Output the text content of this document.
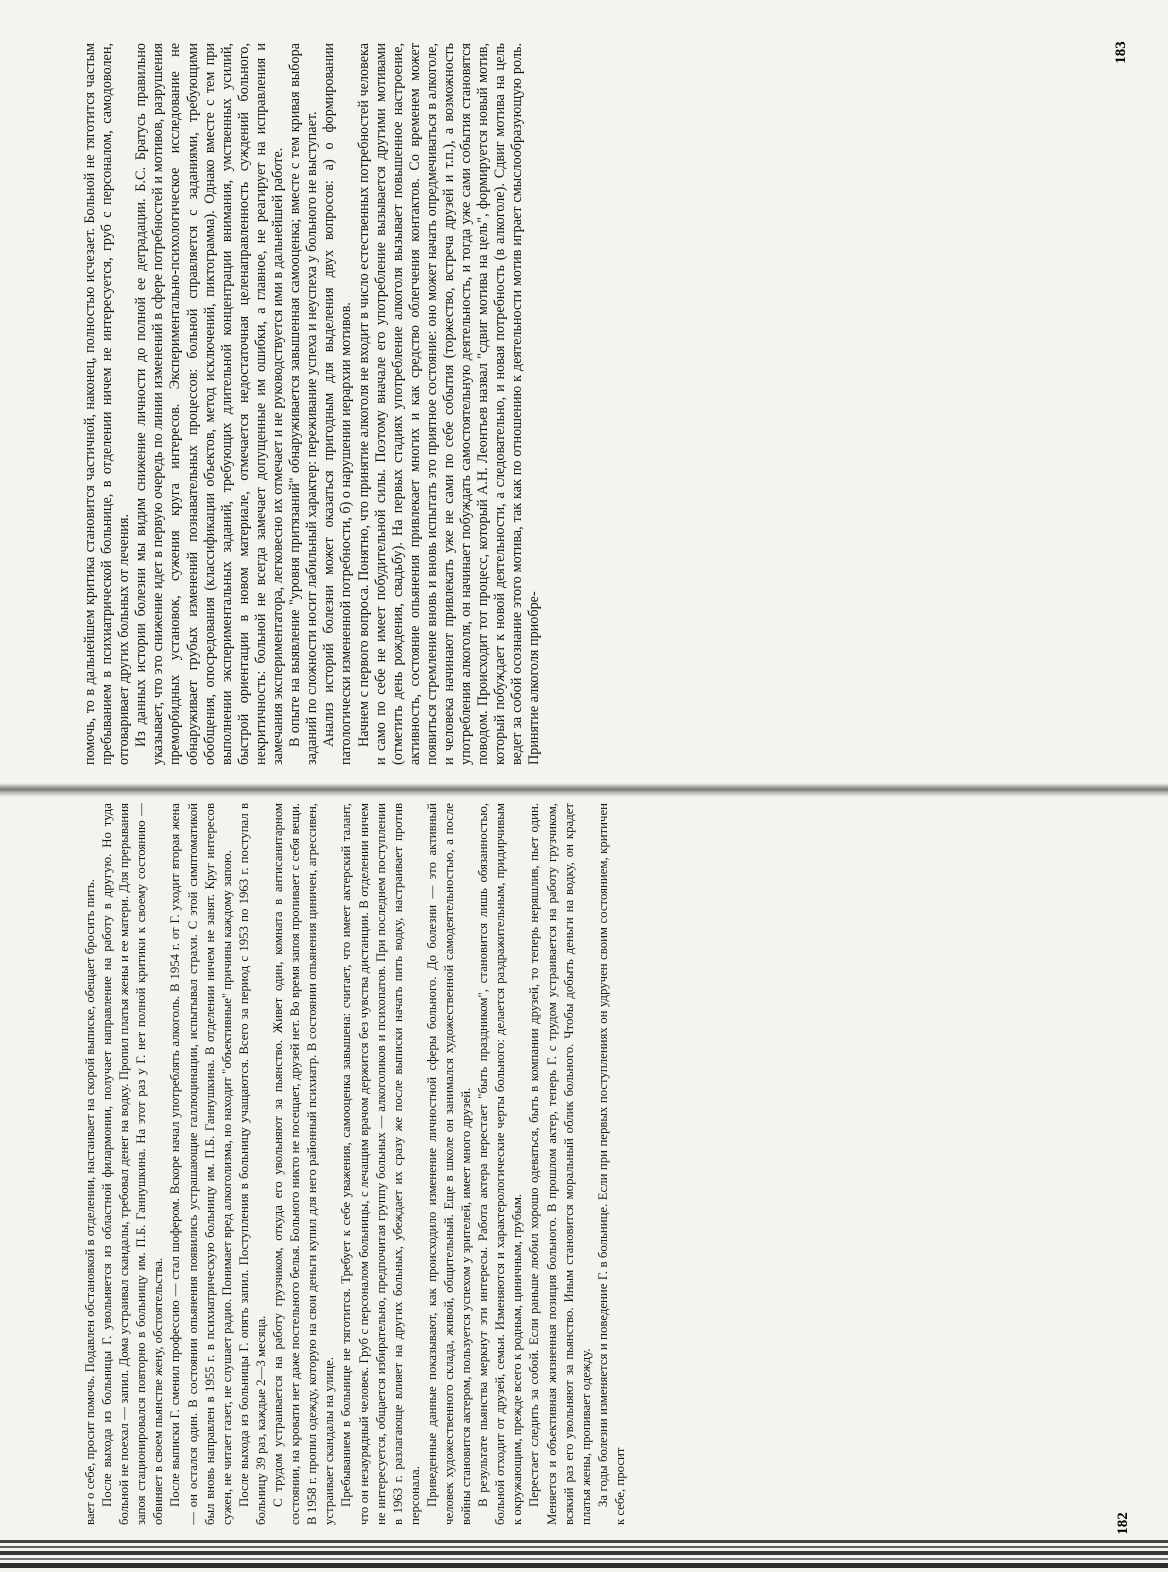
помочь, то в дальнейшем критика становится частичной, наконец, полностью исчезает. Больной не тяготится частым пребыванием в психиатрической больнице, в отделении ничем не интересуется, груб с персоналом, самодоволен, отговаривает других больных от лечения. Из данных истории болезни мы видим снижение личности до полной ее деградации. Б.С. Братусь правильно указывает, что это снижение идет в первую очередь по линии изменений в сфере потребностей и мотивов, разрушения преморбидных установок, сужения круга интересов. Экспериментально-психологическое исследование не обнаруживает грубых изменений познавательных процессов: больной справляется с заданиями, требующими обобщения, опосредования (классификации объектов, метод исключений, пиктограмма). Однако вместе с тем при выполнении экспериментальных заданий, требующих длительной концентрации внимания, умственных усилий, быстрой ориентации в новом материале, отмечается недостаточная целенаправленность суждений больного, некритичность: больной не всегда замечает допущенные им ошибки, а главное, не реагирует на исправления и замечания экспериментатора, легковесно их отмечает и не руководствуется ими в дальнейшей работе. В опыте на выявление "уровня притязаний" обнаруживается завышенная самооценка; вместе с тем кривая выбора заданий по сложности носит лабильный характер: переживание успеха и неуспеха у больного не выступает. Анализ историй болезни может оказаться пригодным для выделения двух вопросов: а) о формировании патологически измененной потребности, б) о нарушении иерархии мотивов. Начнем с первого вопроса. Понятно, что принятие алкоголя не входит в число естественных потребностей человека и само по себе не имеет побудительной силы. Поэтому вначале его употребление вызывается другими мотивами (отметить день рождения, свадьбу). На первых стадиях употребление алкоголя вызывает повышенное настроение, активность, состояние опьянения привлекает многих и как средство облегчения контактов. Со временем может появиться стремление вновь и вновь испытать это приятное состояние: оно может начать опредмечиваться в алкоголе, и человека начинают привлекать уже не сами по себе события (торжество, встреча друзей и т.п.), а возможность употребления алкоголя, он начинает побуждать самостоятельную деятельность, и тогда уже сами события становятся поводом. Происходит тот процесс, который А.Н. Леонтьев назвал "сдвиг мотива на цель", формируется новый мотив, который побуждает к новой деятельности, а следовательно, и новая потребность (в алкоголе). Сдвиг мотива на цель ведет за собой осознание этого мотива, так как по отношению к деятельности мотив играет смыслообразующую роль. Принятие алкоголя приобре-

вает о себе, просит помочь. Подавлен обстановкой в отделении, настаивает на скорой выписке, обещает бросить пить. После выхода из больницы Г. увольняется из областной филармонии, получает направление на работу в другую. Но туда больной не поехал — запил. Дома устраивал скандалы, требовал денег на водку. Пропил платья жены и ее матери. Для прерывания запоя стационировался повторно в больницу им. П.Б. Ганнушкина. На этот раз у Г. нет полной критики к своему состоянию — обвиняет в своем пьянстве жену, обстоятельства. После выписки Г. сменил профессию — стал шофером. Вскоре начал употреблять алкоголь. В 1954 г. от Г. уходит вторая жена — он остался один. В состоянии опьянения появились устрашающие галлюцинации, испытывал страхи. С этой симптоматикой был вновь направлен в 1955 г. в психиатрическую больницу им. П.Б. Ганнушкина. В отделении ничем не занят. Круг интересов сужен, не читает газет, не слушает радио. Понимает вред алкоголизма, но находит "объективные" причины каждому запою. После выхода из больницы Г. опять запил. Поступления в больницу учащаются. Всего за период с 1953 по 1963 г. поступал в больницу 39 раз, каждые 2—3 месяца. С трудом устраивается на работу грузчиком, откуда его увольняют за пьянство. Живет один, комната в антисанитарном состоянии, на кровати нет даже постельного белья. Больного никто не посещает, друзей нет. Во время запоя пропивает с себя вещи. В 1958 г. пропил одежду, которую на свои деньги купил для него районный психиатр. В состоянии опьянения циничен, агрессивен, устраивает скандалы на улице. Пребыванием в больнице не тяготится. Требует к себе уважения, самооценка завышена: считает, что имеет актерский талант, что он незаурядный человек. Груб с персоналом больницы, с лечащим врачом держится без чувства дистанции. В отделении ничем не интересуется, общается избирательно, предпочитая группу больных — алкоголиков и психопатов. При последнем поступлении в 1963 г. разлагающе влияет на других больных, убеждает их сразу же после выписки начать пить водку, настраивает против персонала. Приведенные данные показывают, как происходило изменение личностной сферы больного. До болезни — это активный человек художественного склада, живой, общительный. Еще в школе он занимался художественной самодеятельностью, а после войны становится актером, пользуется успехом у зрителей, имеет много друзей. В результате пьянства меркнут эти интересы. Работа актера перестает "быть праздником", становится лишь обязанностью, больной отходит от друзей, семьи. Изменяются и характерологические черты больного: делается раздражительным, придирчивым к окружающим, прежде всего к родным, циничным, грубым. Перестает следить за собой. Если раньше любил хорошо одеваться, быть в компании друзей, то теперь неряшлив, пьет один. Меняется и объективная жизненная позиция больного. В прошлом актер, теперь Г. с трудом устраивается на работу грузчиком, всякий раз его увольняют за пьянство. Иным становится моральный облик больного. Чтобы добыть деньги на водку, он крадет платья жены, пропивает одежду. За годы болезни изменяется и поведение Г. в больнице. Если при первых поступлениях он удручен своим состоянием, критичен к себе, просит

183
182
